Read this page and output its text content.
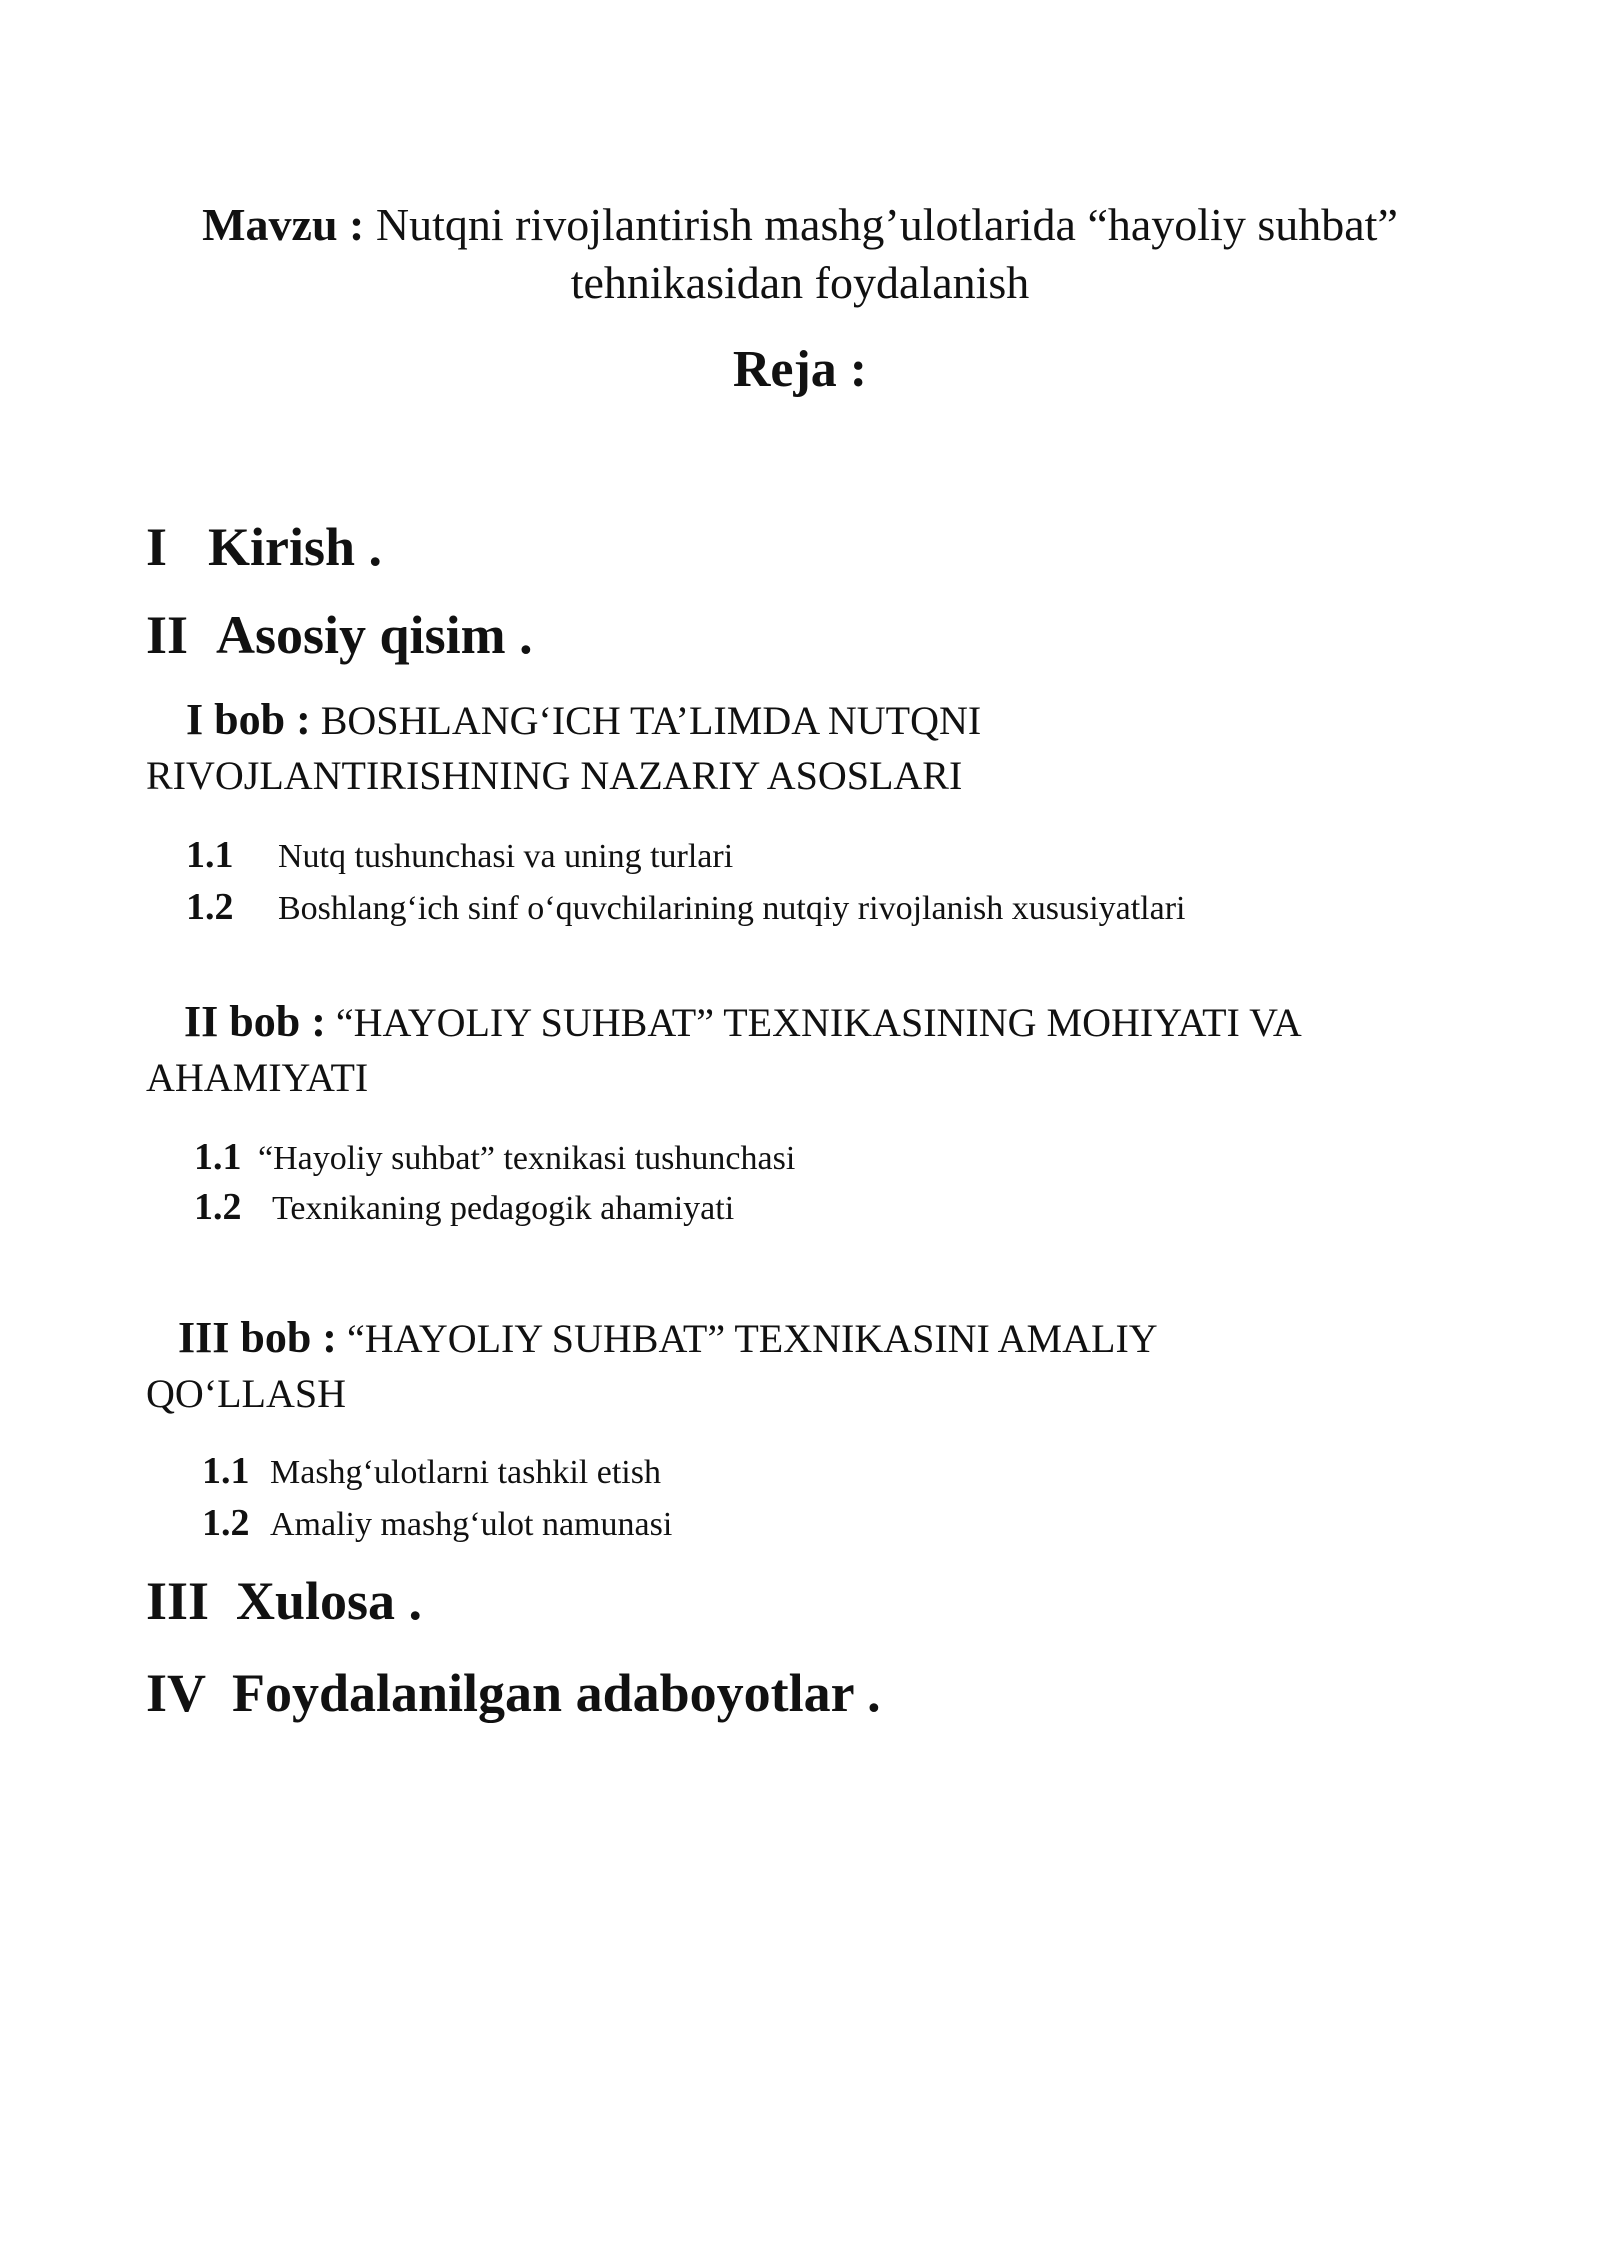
Mavzu : Nutqni rivojlantirish mashg’ulotlarida “hayoliy suhbat”
tehnikasidan foydalanish
Reja :
I Kirish .
II Asosiy qisim .
I bob : BOSHLANG‘ICH TA’LIMDA NUTQNI
RIVOJLANTIRISHNING NAZARIY ASOSLARI
1.1 Nutq tushunchasi va uning turlari
1.2 Boshlang‘ich sinf o‘quvchilarining nutqiy rivojlanish xususiyatlari
II bob : “HAYOLIY SUHBAT” TEXNIKASINING MOHIYATI VA
AHAMIYATI
1.1 “Hayoliy suhbat” texnikasi tushunchasi
1.2 Texnikaning pedagogik ahamiyati
III bob : “HAYOLIY SUHBAT” TEXNIKASINI AMALIY
QO‘LLASH
1.1 Mashg‘ulotlarni tashkil etish
1.2 Amaliy mashg‘ulot namunasi
III Xulosa .
IV Foydalanilgan adaboyotlar .
